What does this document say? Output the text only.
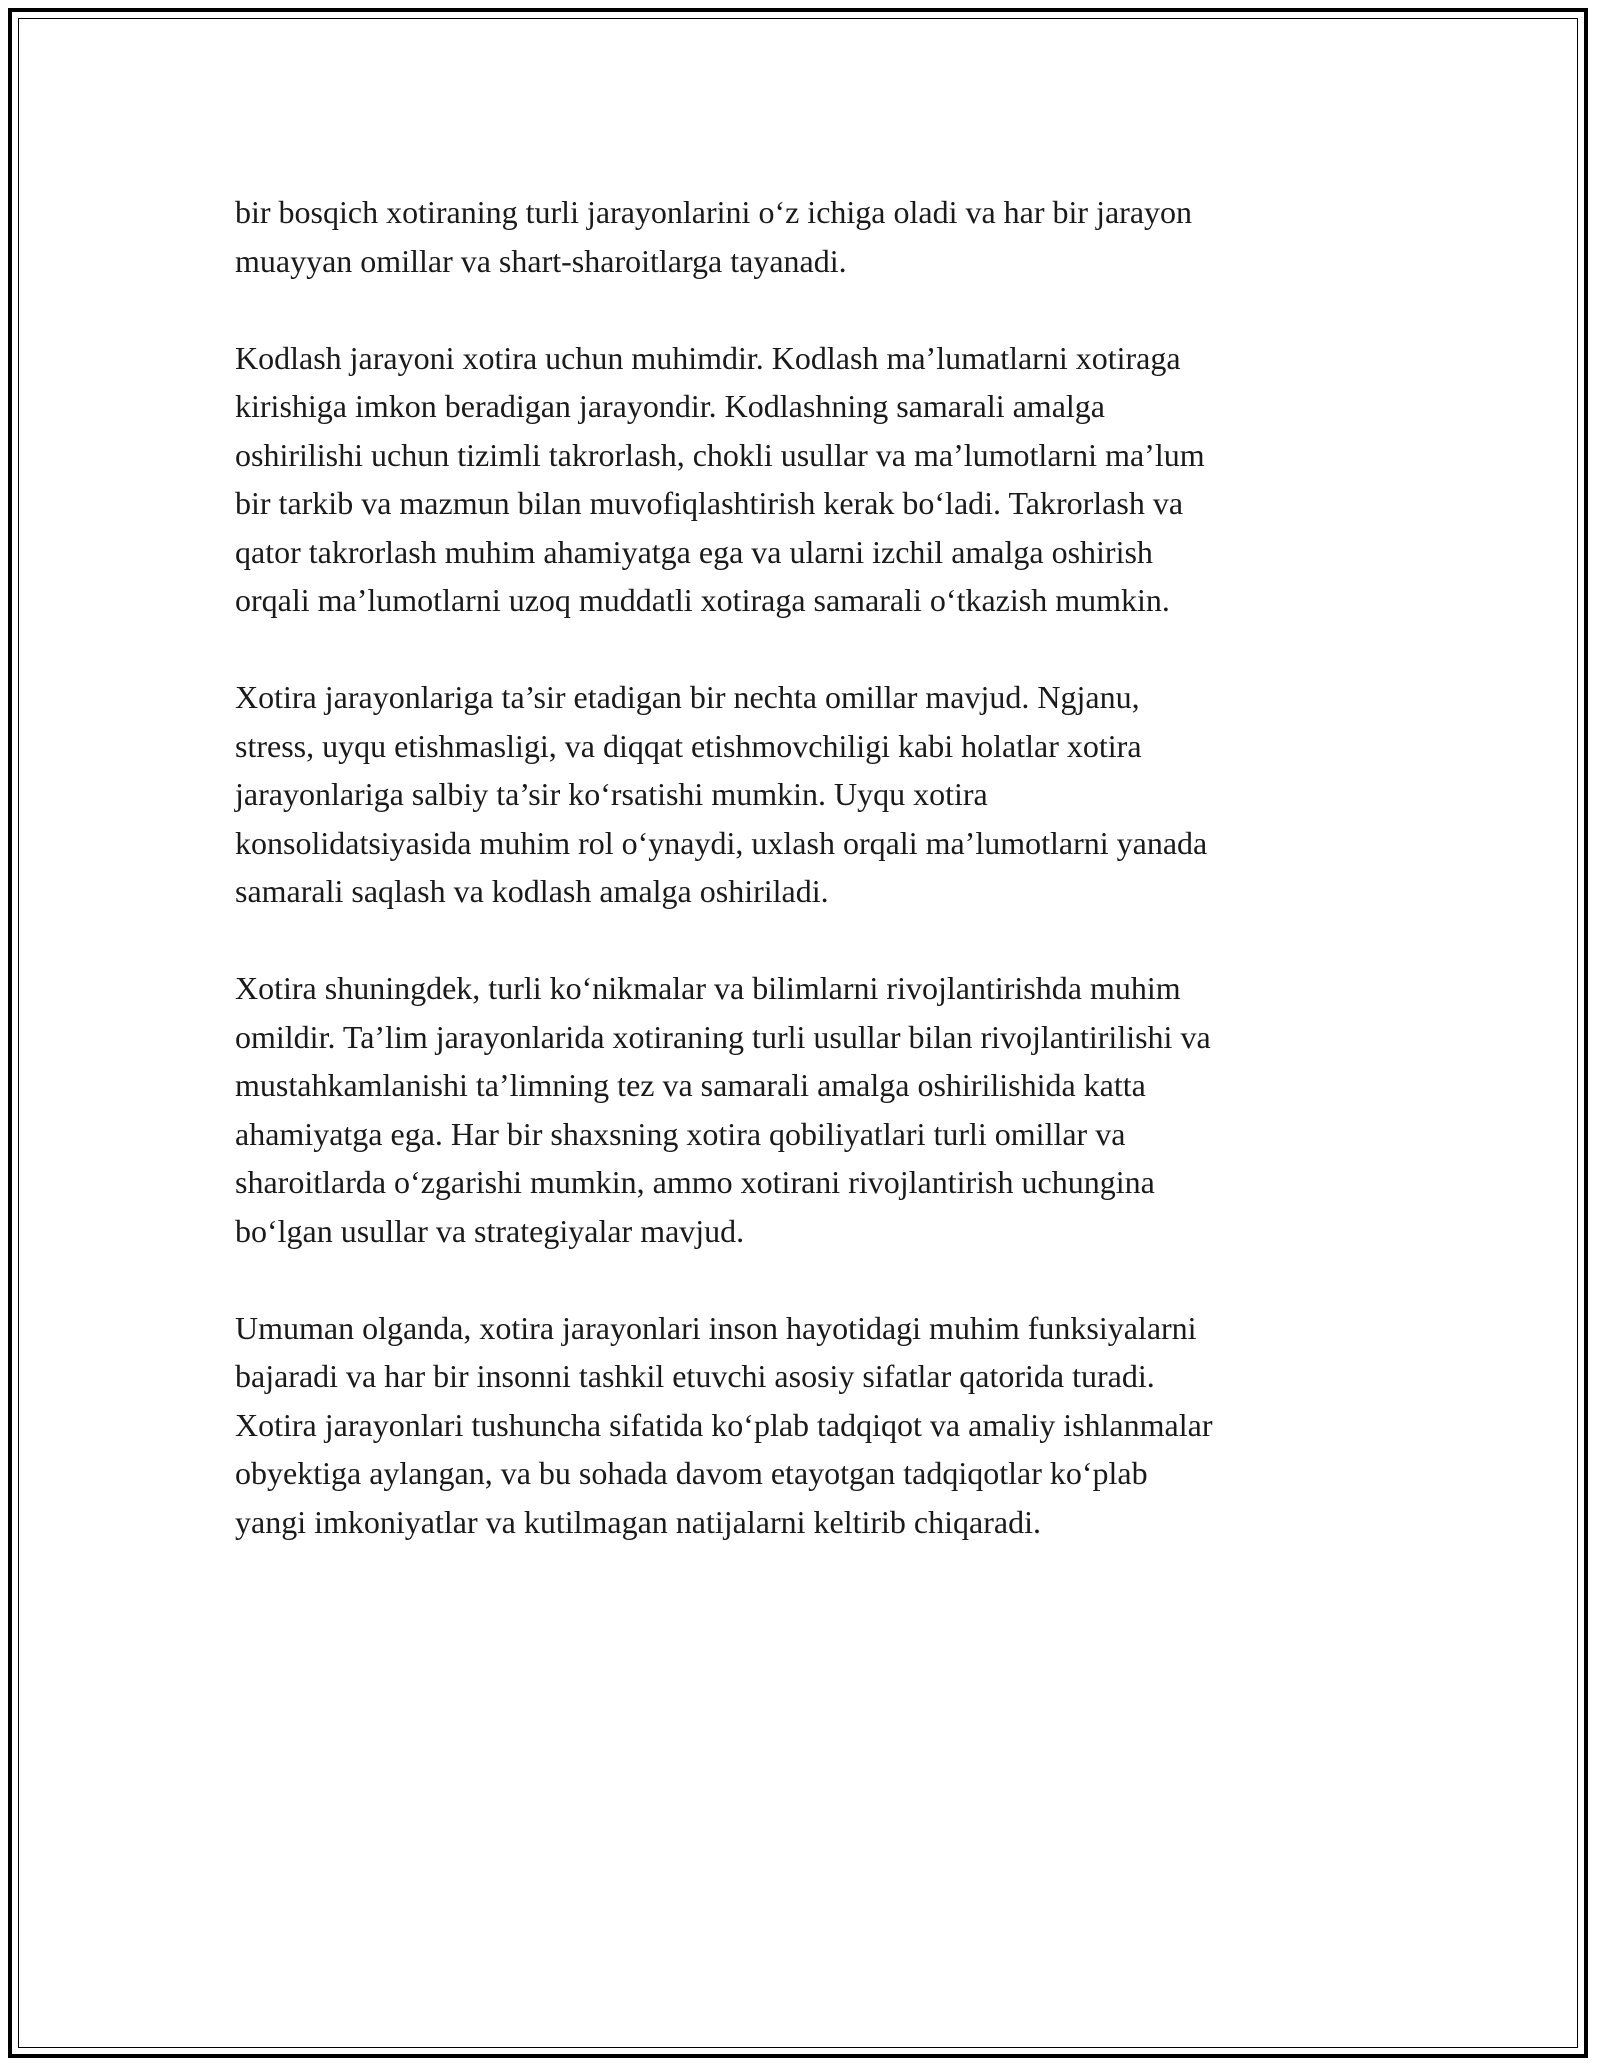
bir bosqich xotiraning turli jarayonlarini o‘z ichiga oladi va har bir jarayon
muayyan omillar va shart-sharoitlarga tayanadi.
Kodlash jarayoni xotira uchun muhimdir. Kodlash ma’lumatlarni xotiraga
kirishiga imkon beradigan jarayondir. Kodlashning samarali amalga
oshirilishi uchun tizimli takrorlash, chokli usullar va ma’lumotlarni ma’lum
bir tarkib va mazmun bilan muvofiqlashtirish kerak bo‘ladi. Takrorlash va
qator takrorlash muhim ahamiyatga ega va ularni izchil amalga oshirish
orqali ma’lumotlarni uzoq muddatli xotiraga samarali o‘tkazish mumkin.
Xotira jarayonlariga ta’sir etadigan bir nechta omillar mavjud. Ngjanu,
stress, uyqu etishmasligi, va diqqat etishmovchiligi kabi holatlar xotira
jarayonlariga salbiy ta’sir ko‘rsatishi mumkin. Uyqu xotira
konsolidatsiyasida muhim rol o‘ynaydi, uxlash orqali ma’lumotlarni yanada
samarali saqlash va kodlash amalga oshiriladi.
Xotira shuningdek, turli ko‘nikmalar va bilimlarni rivojlantirishda muhim
omildir. Ta’lim jarayonlarida xotiraning turli usullar bilan rivojlantirilishi va
mustahkamlanishi ta’limning tez va samarali amalga oshirilishida katta
ahamiyatga ega. Har bir shaxsning xotira qobiliyatlari turli omillar va
sharoitlarda o‘zgarishi mumkin, ammo xotirani rivojlantirish uchungina
bo‘lgan usullar va strategiyalar mavjud.
Umuman olganda, xotira jarayonlari inson hayotidagi muhim funksiyalarni
bajaradi va har bir insonni tashkil etuvchi asosiy sifatlar qatorida turadi.
Xotira jarayonlari tushuncha sifatida ko‘plab tadqiqot va amaliy ishlanmalar
obyektiga aylangan, va bu sohada davom etayotgan tadqiqotlar ko‘plab
yangi imkoniyatlar va kutilmagan natijalarni keltirib chiqaradi.
